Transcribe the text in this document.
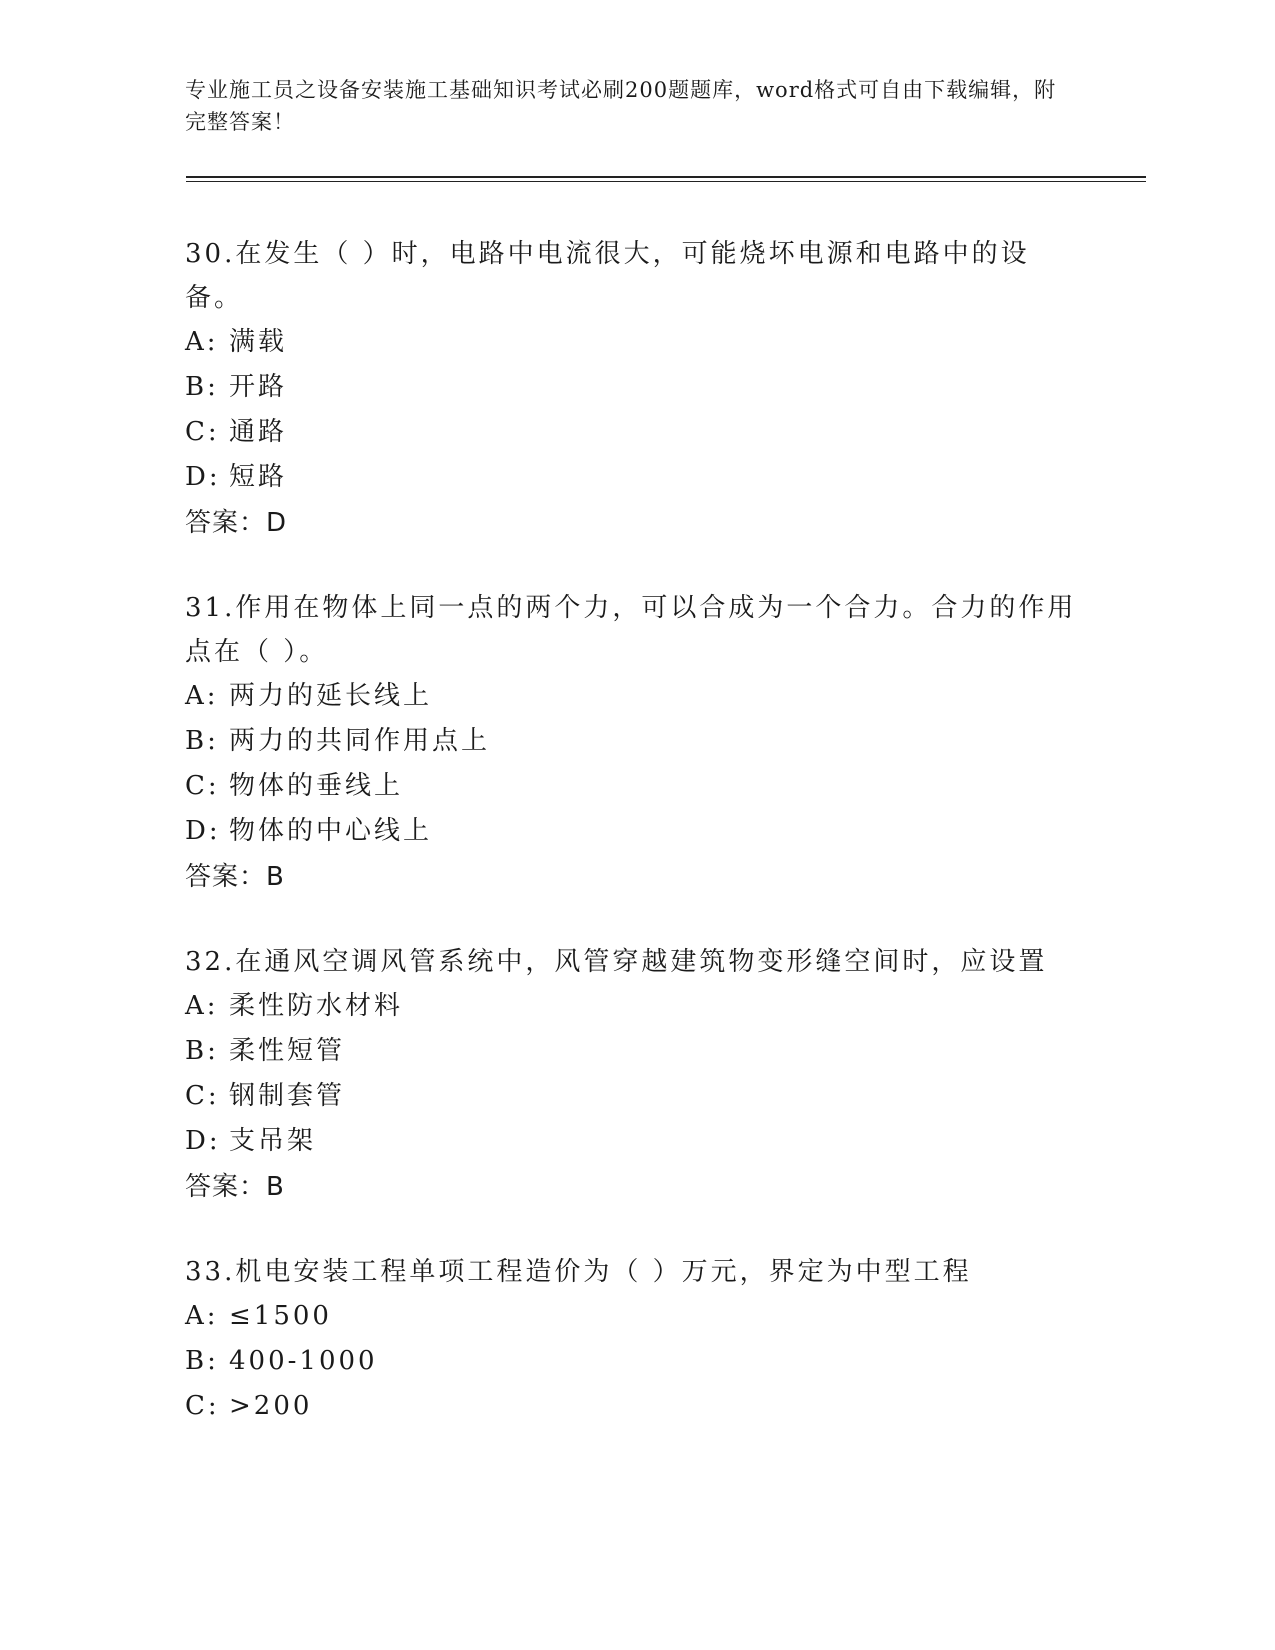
专业施工员之设备安装施工基础知识考试必刷200题题库，word格式可自由下载编辑，附完整答案！

30.在发生（ ）时，电路中电流很大，可能烧坏电源和电路中的设备。

A: 满载

B: 开路

C: 通路

D: 短路

答案：D

31.作用在物体上同一点的两个力，可以合成为一个合力。合力的作用点在（ ）。

A: 两力的延长线上

B: 两力的共同作用点上

C: 物体的垂线上

D: 物体的中心线上

答案：B

32.在通风空调风管系统中，风管穿越建筑物变形缝空间时，应设置

A: 柔性防水材料

B: 柔性短管

C: 钢制套管

D: 支吊架

答案：B

33.机电安装工程单项工程造价为（ ）万元，界定为中型工程

A: ≤1500

B: 400-1000

C: >200
